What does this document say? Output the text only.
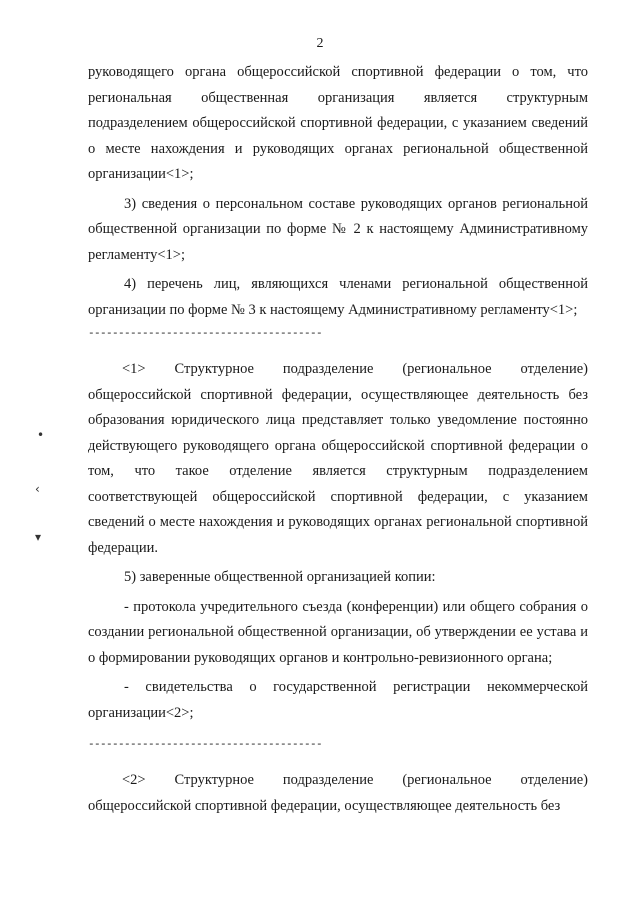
2

руководящего органа общероссийской спортивной федерации о том, что региональная общественная организация является структурным подразделением общероссийской спортивной федерации, с указанием сведений о месте нахождения и руководящих органах региональной общественной организации<1>;

3) сведения о персональном составе руководящих органов региональной общественной организации по форме № 2 к настоящему Административному регламенту<1>;

4) перечень лиц, являющихся членами региональной общественной организации по форме № 3 к настоящему Административному регламенту<1>;

---------------------------------------

<1> Структурное подразделение (региональное отделение) общероссийской спортивной федерации, осуществляющее деятельность без образования юридического лица представляет только уведомление постоянно действующего руководящего органа общероссийской спортивной федерации о том, что такое отделение является структурным подразделением соответствующей общероссийской спортивной федерации, с указанием сведений о месте нахождения и руководящих органах региональной спортивной федерации.

5) заверенные общественной организацией копии:

- протокола учредительного съезда (конференции) или общего собрания о создании региональной общественной организации, об утверждении ее устава и о формировании руководящих органов и контрольно-ревизионного органа;

- свидетельства о государственной регистрации некоммерческой организации<2>;

---------------------------------------

<2> Структурное подразделение (региональное отделение) общероссийской спортивной федерации, осуществляющее деятельность без

•
‹
▾
